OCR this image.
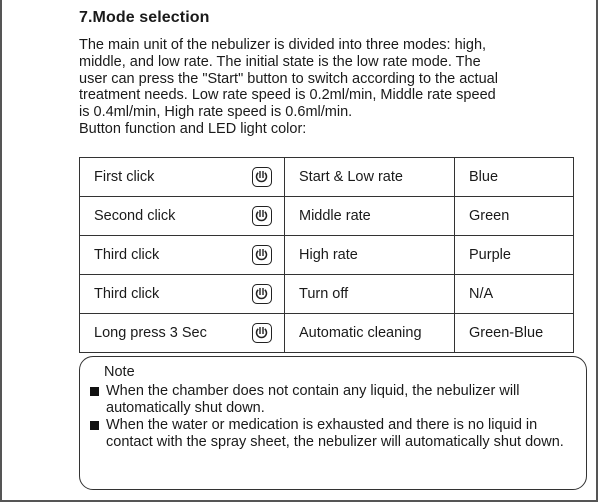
7.Mode selection

The main unit of the nebulizer is divided into three modes: high,

middle, and low rate. The initial state is the low rate mode. The

user can press the "Start" button to switch according to the actual

treatment needs. Low rate speed is 0.2ml/min, Middle rate speed

is 0.4ml/min, High rate speed is 0.6ml/min.

Button function and LED light color:

First click	Start & Low rate	Blue

Second click	Middle rate	Green

Third click	High rate	Purple

Third click	Turn off	N/A

Long press 3 Sec	Automatic cleaning	Green-Blue
Note
When the chamber does not contain any liquid, the nebulizer will automatically shut down.
When the water or medication is exhausted and there is no liquid in contact with the spray sheet, the nebulizer will automatically shut down.
